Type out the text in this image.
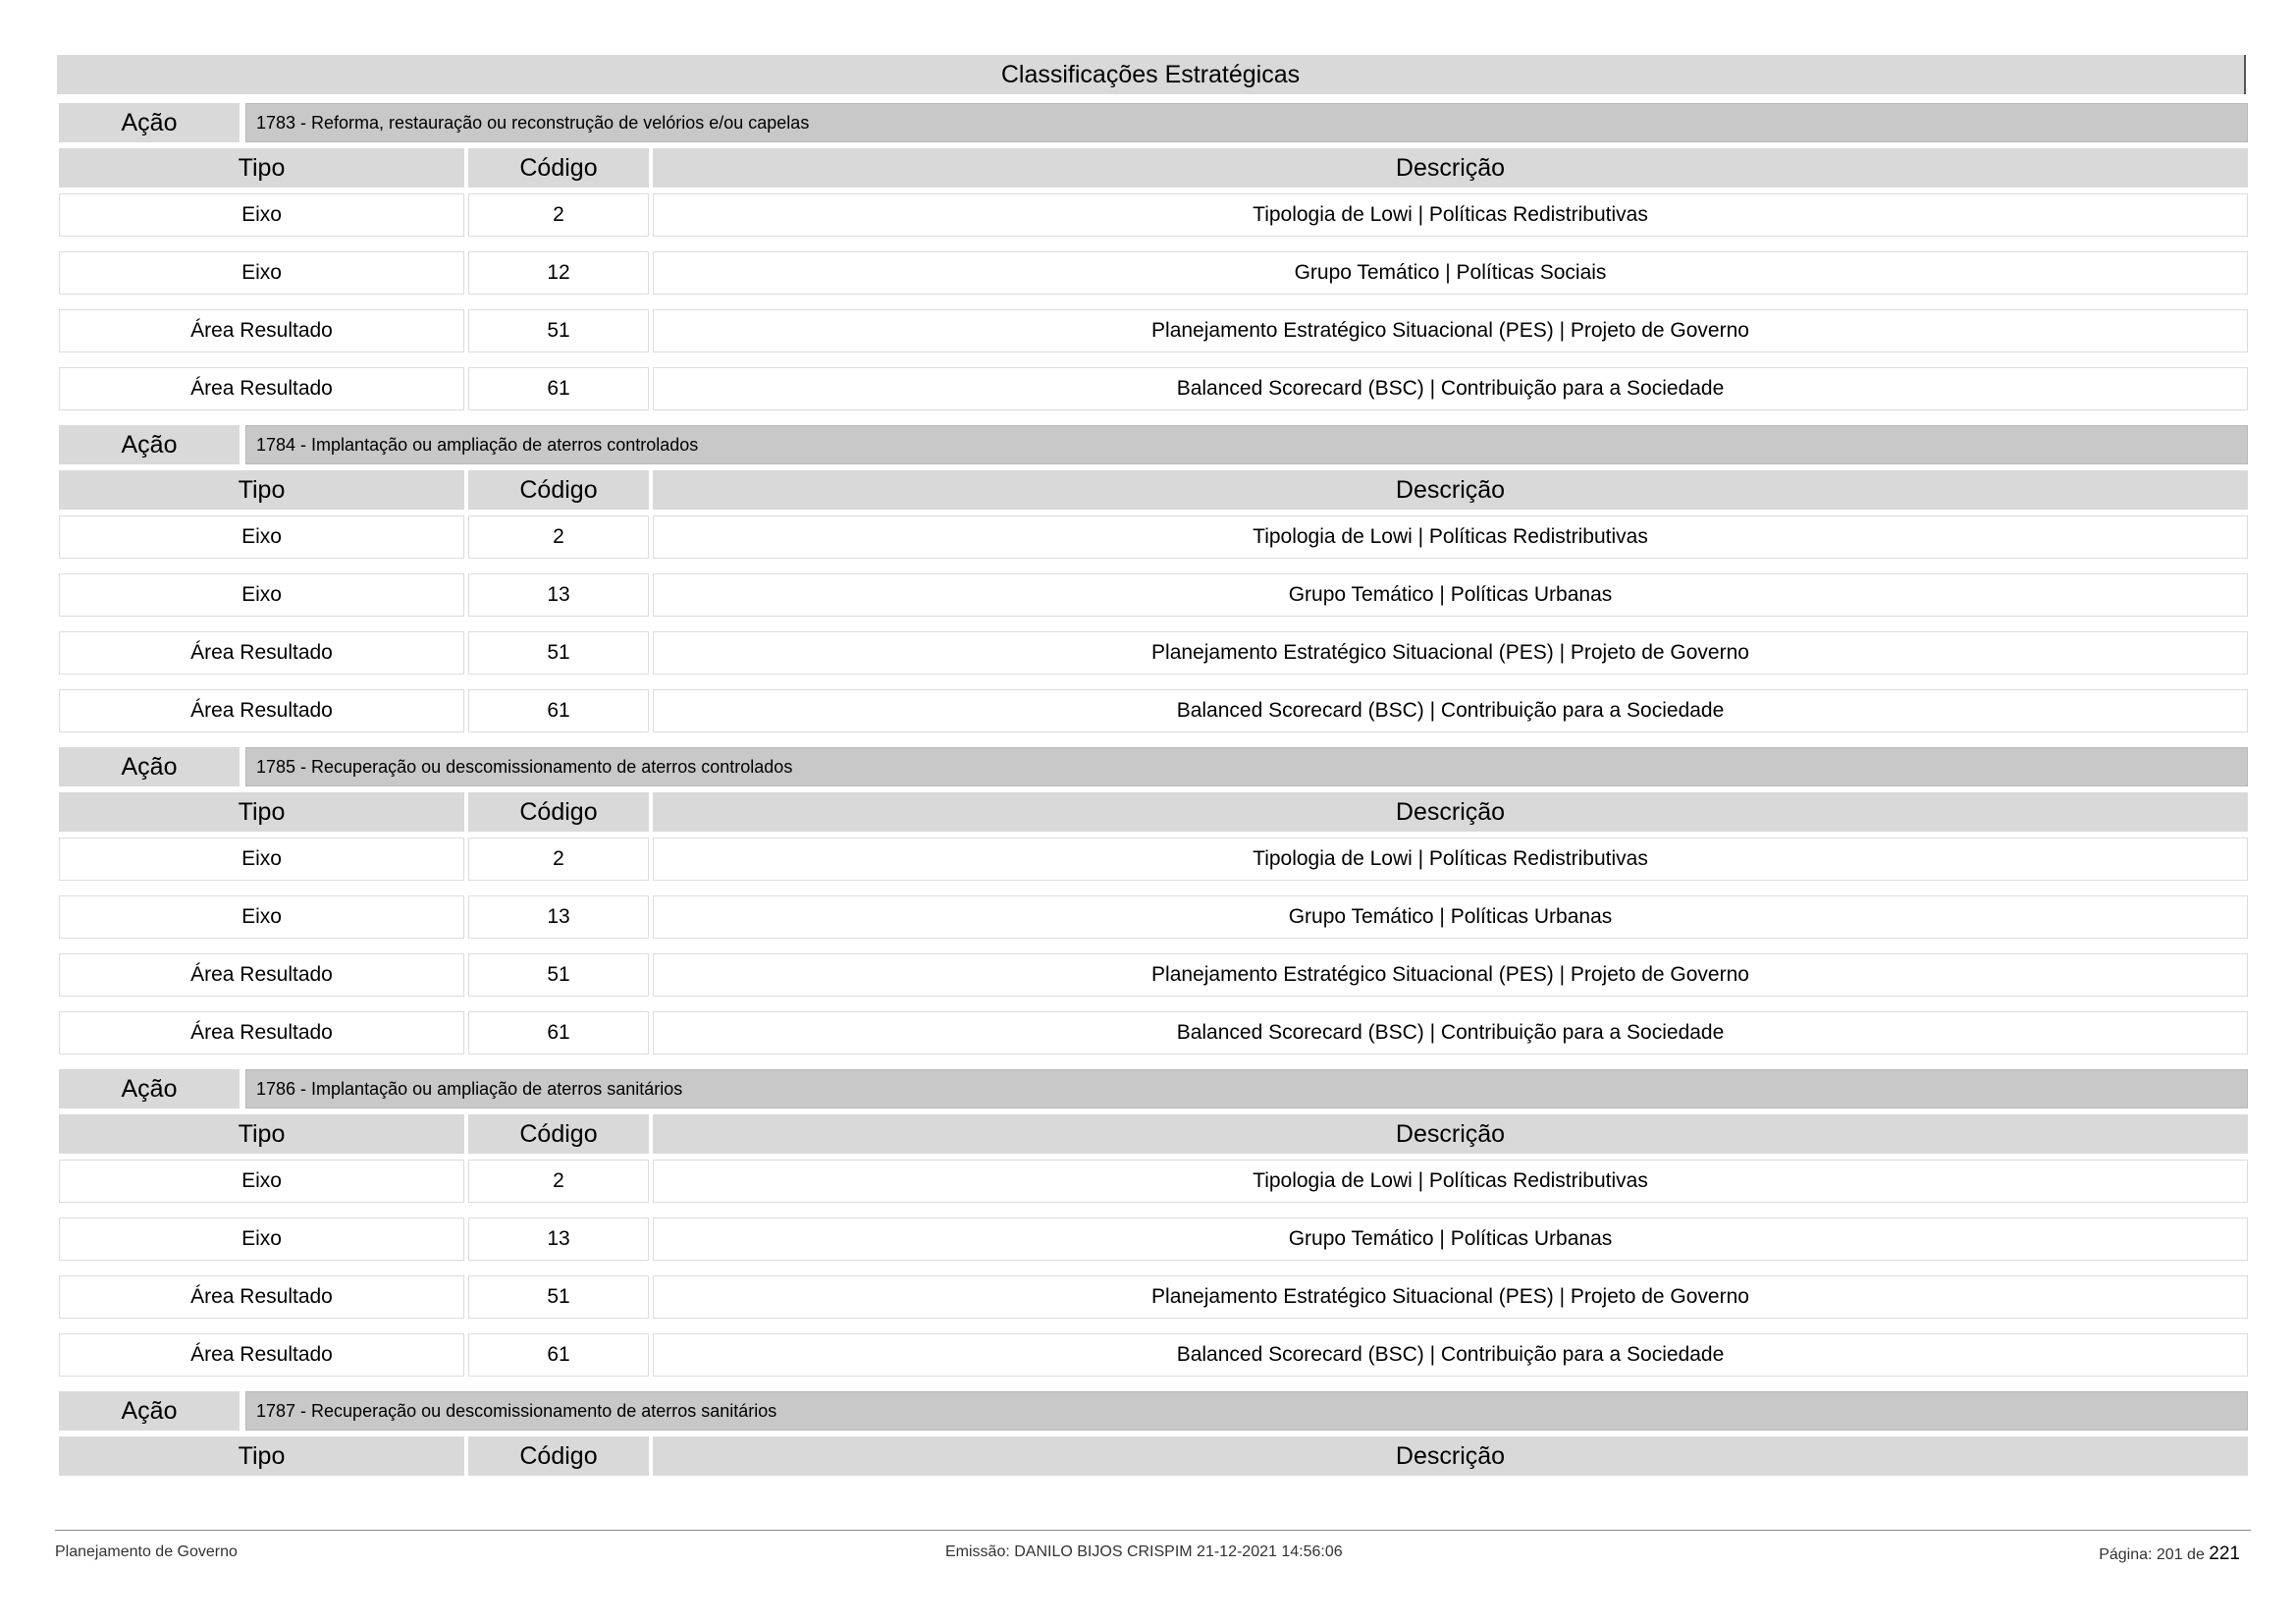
Classificações Estratégicas
Ação	1783 - Reforma, restauração ou reconstrução de velórios e/ou capelas
Tipo	Código	Descrição
Eixo	2	Tipologia de Lowi | Políticas Redistributivas
Eixo	12	Grupo Temático | Políticas Sociais
Área Resultado	51	Planejamento Estratégico Situacional (PES) | Projeto de Governo
Área Resultado	61	Balanced Scorecard (BSC) | Contribuição para a Sociedade
Ação	1784 - Implantação ou ampliação de aterros controlados
Tipo	Código	Descrição
Eixo	2	Tipologia de Lowi | Políticas Redistributivas
Eixo	13	Grupo Temático | Políticas Urbanas
Área Resultado	51	Planejamento Estratégico Situacional (PES) | Projeto de Governo
Área Resultado	61	Balanced Scorecard (BSC) | Contribuição para a Sociedade
Ação	1785 - Recuperação ou descomissionamento de aterros controlados
Tipo	Código	Descrição
Eixo	2	Tipologia de Lowi | Políticas Redistributivas
Eixo	13	Grupo Temático | Políticas Urbanas
Área Resultado	51	Planejamento Estratégico Situacional (PES) | Projeto de Governo
Área Resultado	61	Balanced Scorecard (BSC) | Contribuição para a Sociedade
Ação	1786 - Implantação ou ampliação de aterros sanitários
Tipo	Código	Descrição
Eixo	2	Tipologia de Lowi | Políticas Redistributivas
Eixo	13	Grupo Temático | Políticas Urbanas
Área Resultado	51	Planejamento Estratégico Situacional (PES) | Projeto de Governo
Área Resultado	61	Balanced Scorecard (BSC) | Contribuição para a Sociedade
Ação	1787 - Recuperação ou descomissionamento de aterros sanitários
Tipo	Código	Descrição
Planejamento de Governo	Emissão: DANILO BIJOS CRISPIM 21-12-2021 14:56:06	Página: 201 de 221
